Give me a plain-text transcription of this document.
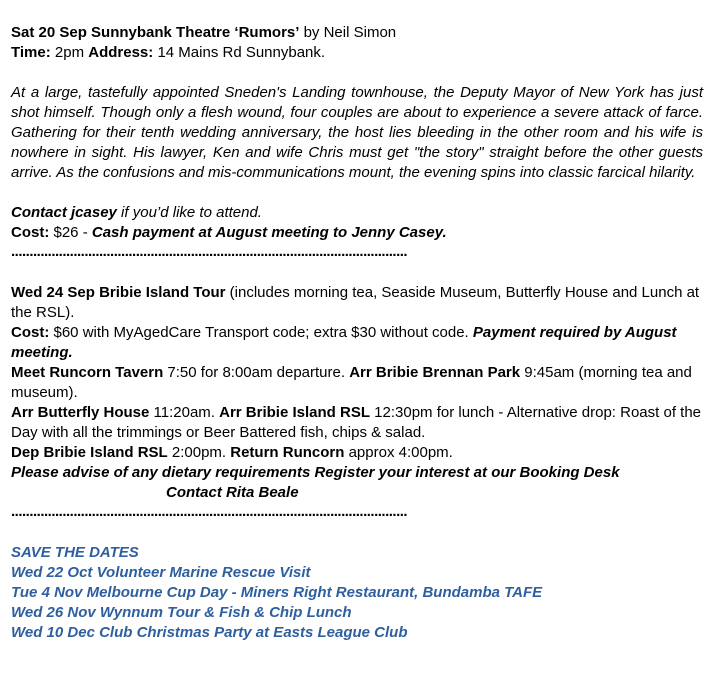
Sat 20 Sep Sunnybank Theatre ‘Rumors’ by Neil Simon

Time: 2pm Address: 14 Mains Rd Sunnybank.

At a large, tastefully appointed Sneden's Landing townhouse, the Deputy Mayor of New York has just shot himself. Though only a flesh wound, four couples are about to experience a severe attack of farce. Gathering for their tenth wedding anniversary, the host lies bleeding in the other room and his wife is nowhere in sight. His lawyer, Ken and wife Chris must get "the story" straight before the other guests arrive. As the confusions and mis-communications mount, the evening spins into classic farcical hilarity.

Contact jcasey if you’d like to attend.

Cost: $26 - Cash payment at August meeting to Jenny Casey.

............................................................................................................

Wed 24 Sep Bribie Island Tour (includes morning tea, Seaside Museum, Butterfly House and Lunch at the RSL).

Cost: $60 with MyAgedCare Transport code; extra $30 without code. Payment required by August meeting.

Meet Runcorn Tavern 7:50 for 8:00am departure. Arr Bribie Brennan Park 9:45am (morning tea and museum).

Arr Butterfly House 11:20am. Arr Bribie Island RSL 12:30pm for lunch - Alternative drop: Roast of the Day with all the trimmings or Beer Battered fish, chips & salad.

Dep Bribie Island RSL 2:00pm. Return Runcorn approx 4:00pm.

Please advise of any dietary requirements Register your interest at our Booking Desk

Contact Rita Beale

............................................................................................................

SAVE THE DATES

Wed 22 Oct Volunteer Marine Rescue Visit

Tue 4 Nov Melbourne Cup Day - Miners Right Restaurant, Bundamba TAFE

Wed 26 Nov Wynnum Tour & Fish & Chip Lunch

Wed 10 Dec Club Christmas Party at Easts League Club
